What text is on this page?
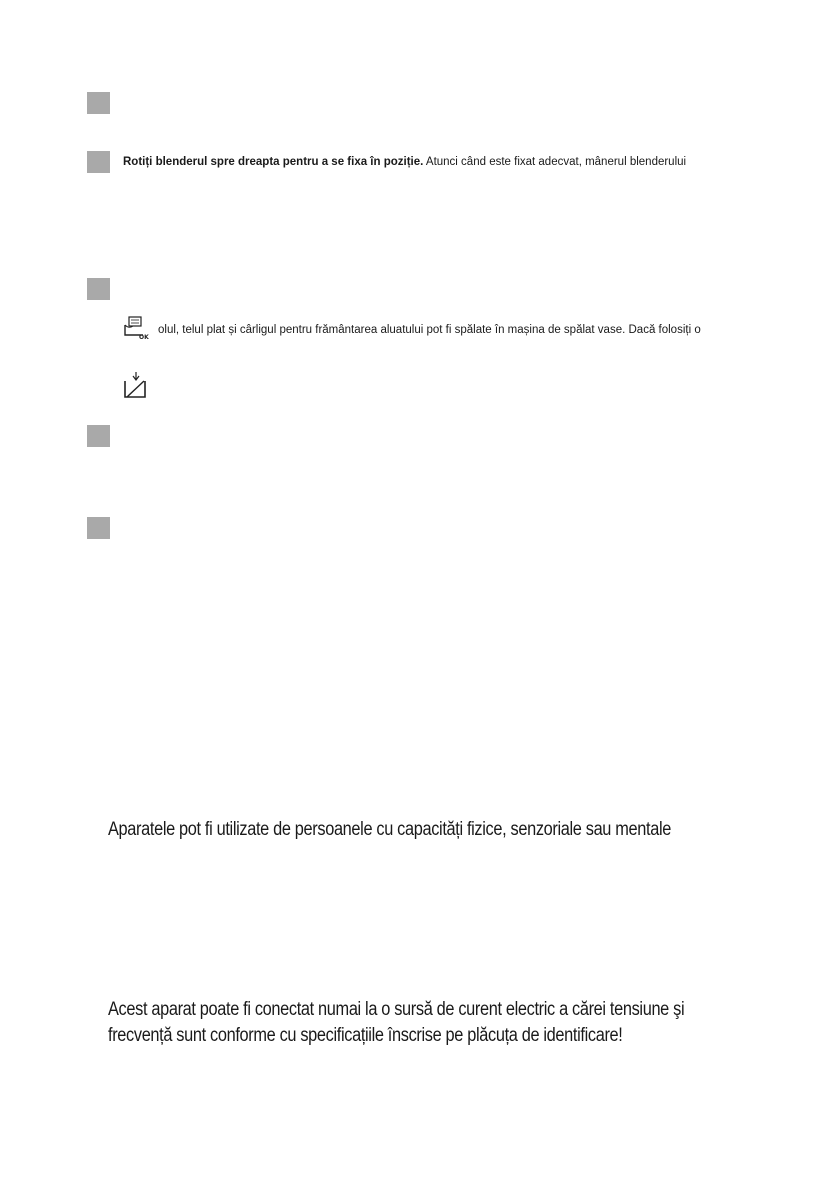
Rotiți blenderul spre dreapta pentru a se fixa în poziție. Atunci când este fixat adecvat, mânerul blenderului
OK
olul, telul plat și cârligul pentru frământarea aluatului pot fi spălate în mașina de spălat vase. Dacă folosiți o
Aparatele pot fi utilizate de persoanele cu capacități fizice, senzoriale sau mentale
Acest aparat poate fi conectat numai la o sursă de curent electric a cărei tensiune şi
frecvență sunt conforme cu specificațiile înscrise pe plăcuța de identificare!
